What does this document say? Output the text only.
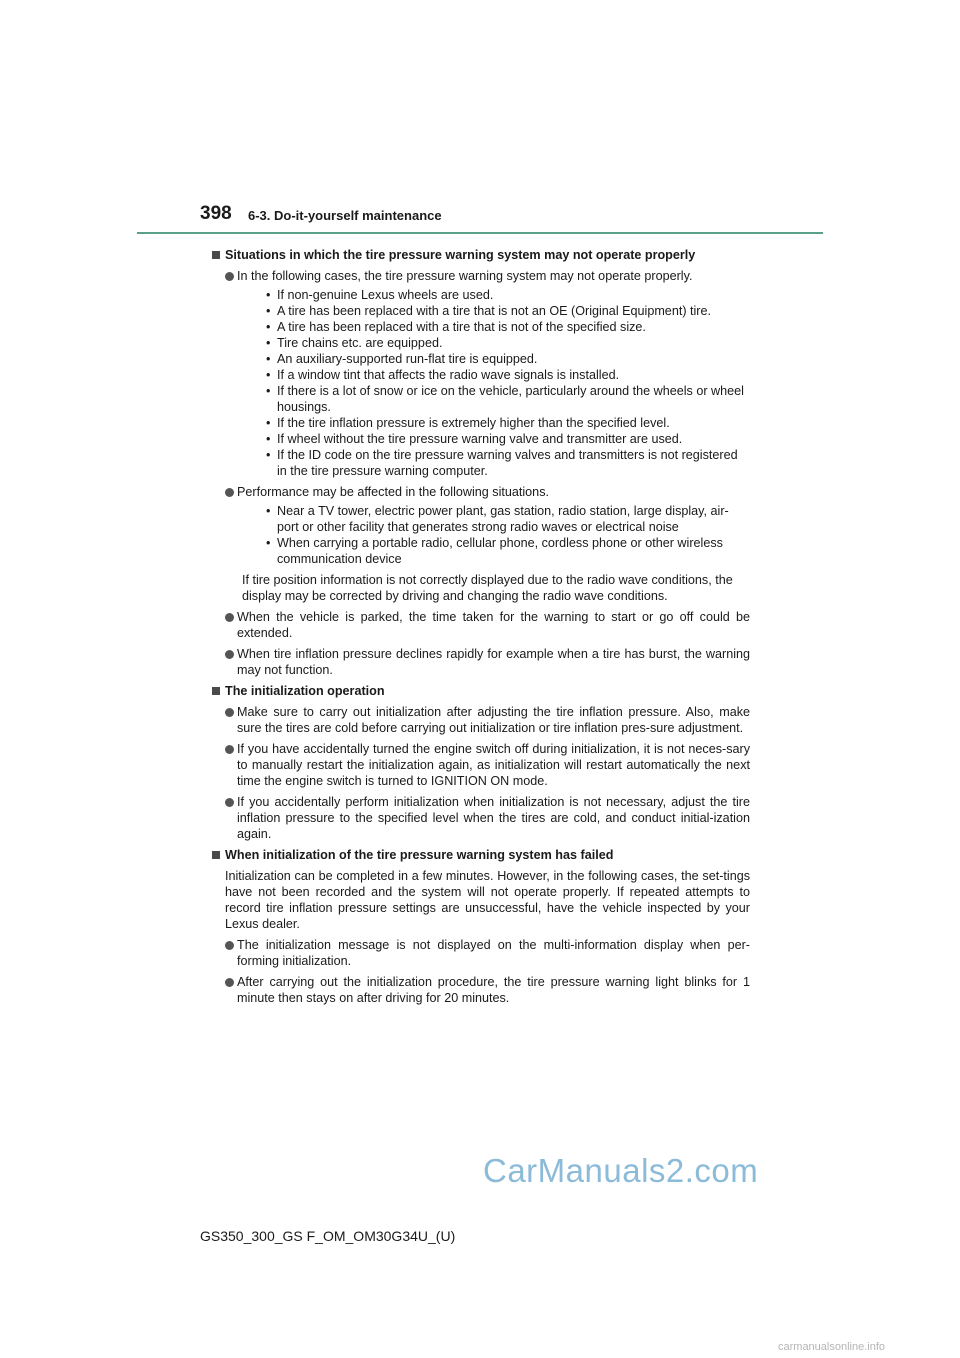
398 6-3. Do-it-yourself maintenance
Situations in which the tire pressure warning system may not operate properly
In the following cases, the tire pressure warning system may not operate properly.
• If non-genuine Lexus wheels are used.
• A tire has been replaced with a tire that is not an OE (Original Equipment) tire.
• A tire has been replaced with a tire that is not of the specified size.
• Tire chains etc. are equipped.
• An auxiliary-supported run-flat tire is equipped.
• If a window tint that affects the radio wave signals is installed.
• If there is a lot of snow or ice on the vehicle, particularly around the wheels or wheel housings.
• If the tire inflation pressure is extremely higher than the specified level.
• If wheel without the tire pressure warning valve and transmitter are used.
• If the ID code on the tire pressure warning valves and transmitters is not registered in the tire pressure warning computer.
Performance may be affected in the following situations.
• Near a TV tower, electric power plant, gas station, radio station, large display, air-port or other facility that generates strong radio waves or electrical noise
• When carrying a portable radio, cellular phone, cordless phone or other wireless communication device
If tire position information is not correctly displayed due to the radio wave conditions, the display may be corrected by driving and changing the radio wave conditions.
When the vehicle is parked, the time taken for the warning to start or go off could be extended.
When tire inflation pressure declines rapidly for example when a tire has burst, the warning may not function.
The initialization operation
Make sure to carry out initialization after adjusting the tire inflation pressure. Also, make sure the tires are cold before carrying out initialization or tire inflation pres-sure adjustment.
If you have accidentally turned the engine switch off during initialization, it is not neces-sary to manually restart the initialization again, as initialization will restart automatically the next time the engine switch is turned to IGNITION ON mode.
If you accidentally perform initialization when initialization is not necessary, adjust the tire inflation pressure to the specified level when the tires are cold, and conduct initial-ization again.
When initialization of the tire pressure warning system has failed
Initialization can be completed in a few minutes. However, in the following cases, the set-tings have not been recorded and the system will not operate properly. If repeated attempts to record tire inflation pressure settings are unsuccessful, have the vehicle inspected by your Lexus dealer.
The initialization message is not displayed on the multi-information display when per-forming initialization.
After carrying out the initialization procedure, the tire pressure warning light blinks for 1 minute then stays on after driving for 20 minutes.
CarManuals2.com
GS350_300_GS F_OM_OM30G34U_(U)
carmanualsonline.info
